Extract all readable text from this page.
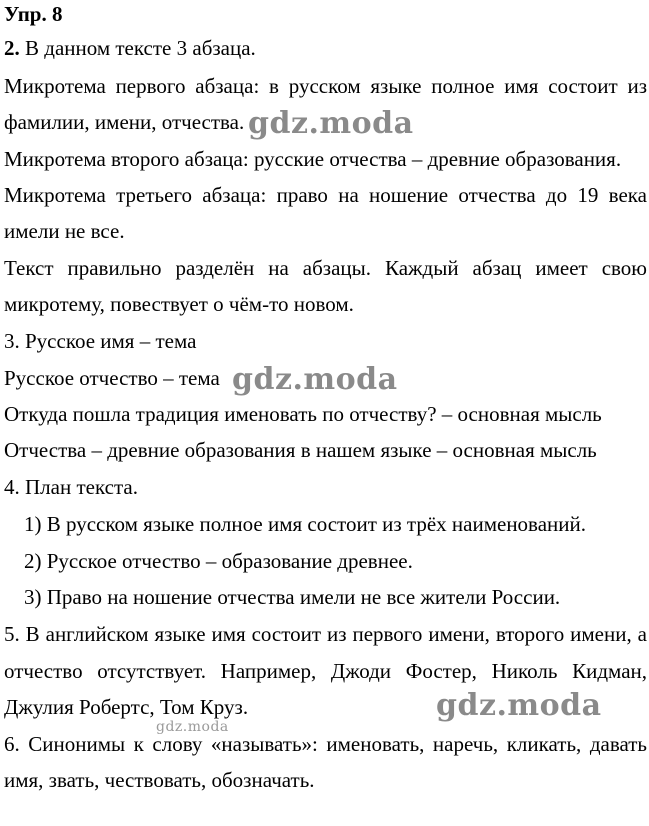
Упр. 8
2. В данном тексте 3 абзаца.
Микротема первого абзаца: в русском языке полное имя состоит из
фамилии, имени, отчества.
Микротема второго абзаца: русские отчества – древние образования.
Микротема третьего абзаца: право на ношение отчества до 19 века
имели не все.
Текст правильно разделён на абзацы. Каждый абзац имеет свою
микротему, повествует о чём-то новом.
3. Русское имя – тема
Русское отчество – тема
Откуда пошла традиция именовать по отчеству? – основная мысль
Отчества – древние образования в нашем языке – основная мысль
4. План текста.
1) В русском языке полное имя состоит из трёх наименований.
2) Русское отчество – образование древнее.
3) Право на ношение отчества имели не все жители России.
5. В английском языке имя состоит из первого имени, второго имени, а
отчество отсутствует. Например, Джоди Фостер, Николь Кидман,
Джулия Робертс, Том Круз.
6. Синонимы к слову «называть»: именовать, наречь, кликать, давать
имя, звать, чествовать, обозначать.
gdz.moda
gdz.moda
gdz.moda
gdz.moda
